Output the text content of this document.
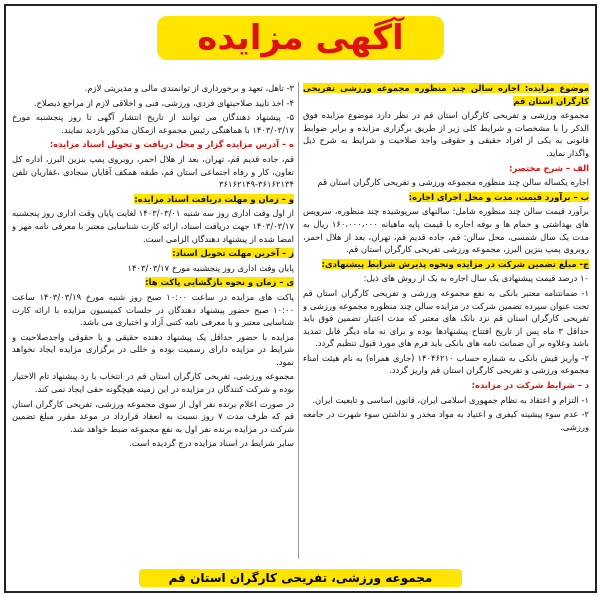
آگهی مزایده

موضوع مزایده: اجاره سالن چند منظوره مجموعه ورزشی تفریحی کارگران استان قم

مجموعه ورزشی و تفریحی کارگران استان قم در نظر دارد موضوع مزایده فوق الذکر را با مشخصات و شرایط کلی زیر از طریق برگزاری مزایده و برابر ضوابط قانونی به یکی از افراد حقیقی و حقوقی واجد صلاحیت و شرایط به شرح ذیل واگذار نماید.

الف – شرح مختصر:

اجاره یکساله سالن چند منظوره مجموعه ورزشی و تفریحی کارگران استان قم

ب – برآورد قیمت، مدت و محل اجرای اجاره:

برآورد قیمت سالن چند منظوره شامل: سالنهای سرپوشیده چند منظوره، سرویس های بهداشتی و حمام ها و بوفه اجاره با قیمت پایه ماهیانه ۱۶۰،۰۰۰،۰۰۰ ریال به مدت یک سال شمسی، محل سالن: قم، جاده قدیم قم، تهران، بعد از هلال احمر، روبروی پمپ بنزین البرز، مجموعه ورزشی تفریحی کارگران استان قم.

ج- مبلغ تضمین شرکت در مزایده ونحوه پذیرش شرایط پیشنهادی:

۱۰ درصد قیمت پیشنهادی یک سال اجاره به یک از روش های ذیل:

۱- ضمانتنامه معتبر بانکی به نفع مجموعه ورزشی و تفریحی کارگران استان قم تحت عنوان سپرده تضمین شرکت در مزایده سالن چند منظوره مجموعه ورزشی و تفریحی کارگران استان قم نزد بانک های معتبر که مدت اعتبار تضمین فوق باید حداقل ۳ ماه پس از تاریخ افتتاح پیشنهادها بوده و برای نه ماه دیگر قابل تمدید باشد وعلاوه بر آن ضمانت نامه های بانکی باید فرم های مورد قبول تنظیم گردد.

۲- واریز فیش بانکی به شماره حساب ۱۴۰۴۶۲۱۰ (جاری همراه) به نام هیئت امناء مجموعه ورزشی و تفریحی کارگران استان قم واریز گردد.

د – شرایط شرکت در مزایده:

۱- التزام و اعتقاد به نظام جمهوری اسلامی ایران، قانون اساسی و تابعیت ایران.

۲- عدم سوء پیشینه کیفری و اعتیاد به مواد مخدر و نداشتن سوء شهرت در جامعه ورزشی.

۳- تاهل، تعهد و برخورداری از توانمندی مالی و مدیریتی لازم.

۴- اخذ تایید صلاحیتهای فردی، ورزشی، فنی و اخلاقی لازم از مراجع ذیصلاح.

۵- پیشنهاد دهندگان می توانند از تاریخ انتشار آگهی تا روز پنجشنبه مورخ ۱۴۰۳/۰۳/۱۷ با هماهنگی رئیس مجموعه ازمکان مذکور بازدید نمایند.

ه – آدرس مزایده گزار و محل دریافت و تحویل اسناد مزایده:

قم، جاده قدیم قم، تهران، بعد از هلال احمر، روبروی پمپ بنزین البرز، اداره کل تعاون، کار و رفاه اجتماعی استان قم، طبقه همکف آقایان سجادی ،غفاریان تلفن ۳۶۱۶۲۱۳۴-۳۶۱۶۲۱۴۹

و – زمان و مهلت دریافت اسناد مزایده:

از اول وقت اداری روز سه شنبه ۱۴۰۳/۰۳/۰۱ لغایت پایان وقت اداری روز پنجشنبه ۱۴۰۳/۰۳/۱۷ جهت دریافت اسناد، ارائه کارت شناسایی معتبر با معرفی نامه مهر و امضا شده از پیشنهاد دهندگان الزامی است.

ز – آخرین مهلت تحویل اسناد:

پایان وقت اداری روز پنجشنبه مورخ ۱۴۰۳/۰۳/۱۷

ی – زمان و نحوه بازگشایی پاکت ها:

پاکت های مزایده در ساعت ۱۰:۰۰ صبح روز شنبه مورخ ۱۴۰۳/۰۳/۱۹ ساعت ۱۰:۰۰ صبح حضور پیشنهاد دهندگان در جلسات کمیسیون مزایده با ارائه کارت شناسایی معتبر و با معرفی نامه کتبی آزاد و اختیاری می باشد.

مزایده با حضور حداقل یک پیشنهاد دهنده حقیقی و یا حقوقی واجدصلاحیت و شرایط در مزایده دارای رسمیت بوده و خللی در برگزاری مزایده ایجاد نخواهد نمود.

مجموعه ورزشی، تفریحی کارگران استان قم در انتخاب یا رد پیشنهاد تام الاختیار بوده و شرکت کنندگان در مزایده در این زمینه هیچگونه حقی ایجاد نمی کند.

در صورت اعلام برنده نفر اول از سوی مجموعه ورزشی، تفریحی کارگران استان قم که ظرف مدت ۷ روز نسبت به انعقاد قرارداد در موعد مقرر مبلغ تضمین شرکت در مزایده برنده نفر اول به نفع مجموعه ضبط خواهد شد.

سایر شرایط در اسناد مزایده درج گردیده است.

مجموعه ورزشی، تفریحی کارگران استان قم
